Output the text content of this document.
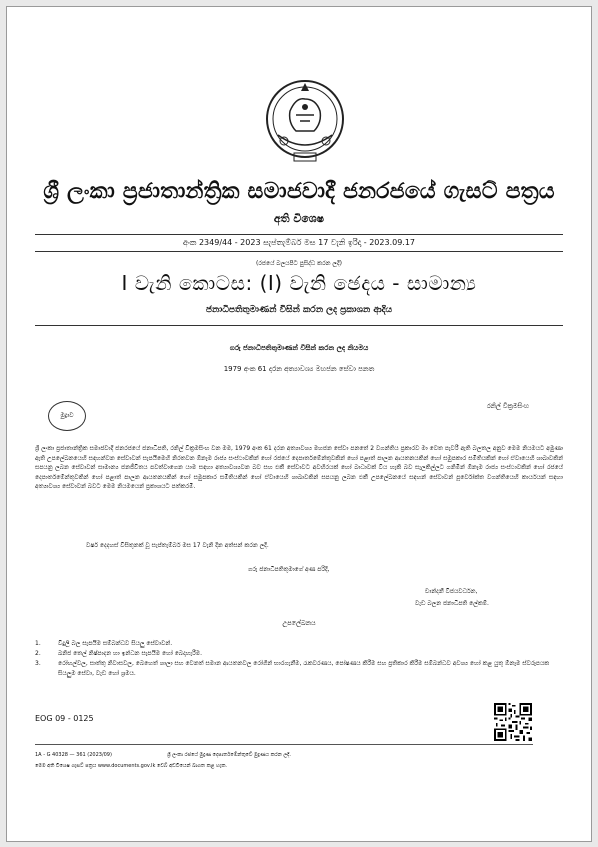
ශ්‍රී ලංකා ප්‍රජාතාන්ත්‍රික සමාජවාදී ජනරජයේ ගැසට් පත්‍රය
අති විශෙෂ
අංක 2349/44 - 2023 සැප්තැම්බර් මස 17 වැනි ඉරිදා - 2023.09.17
(රජයේ බලයපිට පුසිද්ධ කරන ලදී)
I වැනි කොටස: (I) වැනි ඡෙදය - සාමාන්‍ය
ජනාධිපතිතුමාණන් විසින් කරන ලද ප්‍රකාශන ආදිය
ගරු ජනාධිපතිතුමාණන් විසින් කරන ලද නියමය
1979 අංක 61 දරන අත්‍යාවශ්‍ය මහජන සේවා පනත
මුද්‍රාව
රනිල් වික්‍රමසිංහ
ශ්‍රී ලංකා ප්‍රජාතාන්ත්‍රික සමාජවාදී ජනරජයේ ජනාධිපති, රනිල් වික්‍රමසිංහ වන මම, 1979 අංක 61 දරන අත්‍යාවශ්‍ය මහජන සේවා පනතේ 2 වගන්තිය ප්‍රකාරව මා වෙත පැවරී ඇති බලතල අනුව මෙම නියමයට අමුණා ඇති උපලේඛනයෙහි සඳහන්වන සේවාවන් සැපයීමෙහි නිරතවන ඕනෑම රාජ්‍ය සංස්ථාවකින් හෝ රජයේ දෙපාර්තමේන්තුවකින් හෝ පළාත් පාලන ආයතනයකින් හෝ සමුපකාර සමිතියකින් හෝ ඒවායෙහි ශාඛාවකින් සපයනු ලබන සේවාවන් සාමාන්‍ය ජනජීවිතය පවත්වාගෙන යාම සඳහා අත්‍යාවශ්‍යවන බව සහ එකී සේවාවට අවහිරයක් හෝ බාධාවක් විය හැකි බව සැලකිල්ලට ගනිමින් ඕනෑම රාජ්‍ය සංස්ථාවකින් හෝ රජයේ දෙපාර්තමේන්තුවකින් හෝ පළාත් පාලන ආයතනයකින් හෝ සමුපකාර සමිතියකින් හෝ ඒවායෙහි ශාඛාවකින් සපයනු ලබන එකී උපලේඛනයේ සඳහන් සේවාවන් පූර්වෝක්ත වගන්තියෙහි කාර්යයන් සඳහා අත්‍යාවශ්‍ය සේවාවන් බවට මෙම නියමයෙන් ප්‍රකාශයට පත්කරමි.
වර්ෂ දෙදහස් විසිතුනක් වූ සැප්තැම්බර් මස 17 වැනි දින අත්සන් කරන ලදී.
ගරු ජනාධිපතිතුමාගේ අණ පරිදි,
චාන්දනී විජයවර්ධන,
වැඩ බලන ජනාධිපති ලේකම්.
උපලේඛනය
1.	විදුලි බල සැපයීම සම්බන්ධව සියලු සේවාවන්.
2.	ඛනිජ තෙල් නිෂ්පාදන හා ඉන්ධන සැපයීම හෝ බෙදාහැරීම.
3.	රෝහල්වල, සාත්තු නිවාසවල, බෙහෙත් ශාලා සහ වෙනත් සමාන ආයතනවල රෝගීන් භාරගැනීම, රැකවරණය, පෝෂණය කිරීම සහ ප්‍රතිකාර කිරීම සම්බන්ධව අවශ්‍ය හෝ කළ යුතු ඕනෑම ස්වරූපයක සියලුම සේවා, වැඩ හෝ ශ්‍රමය.
EOG 09 - 0125
1A - G 40328 — 361 (2023/09)	ශ්‍රී ලංකා රජයේ මුද්‍රණ දෙපාර්තමේන්තුවේ මුද්‍රණය කරන ලදී.
මෙම අති විශෙෂ ගැසට් පත්‍රය www.documents.gov.lk වෙබ් අඩවියෙන් බාගත කළ හැක.
